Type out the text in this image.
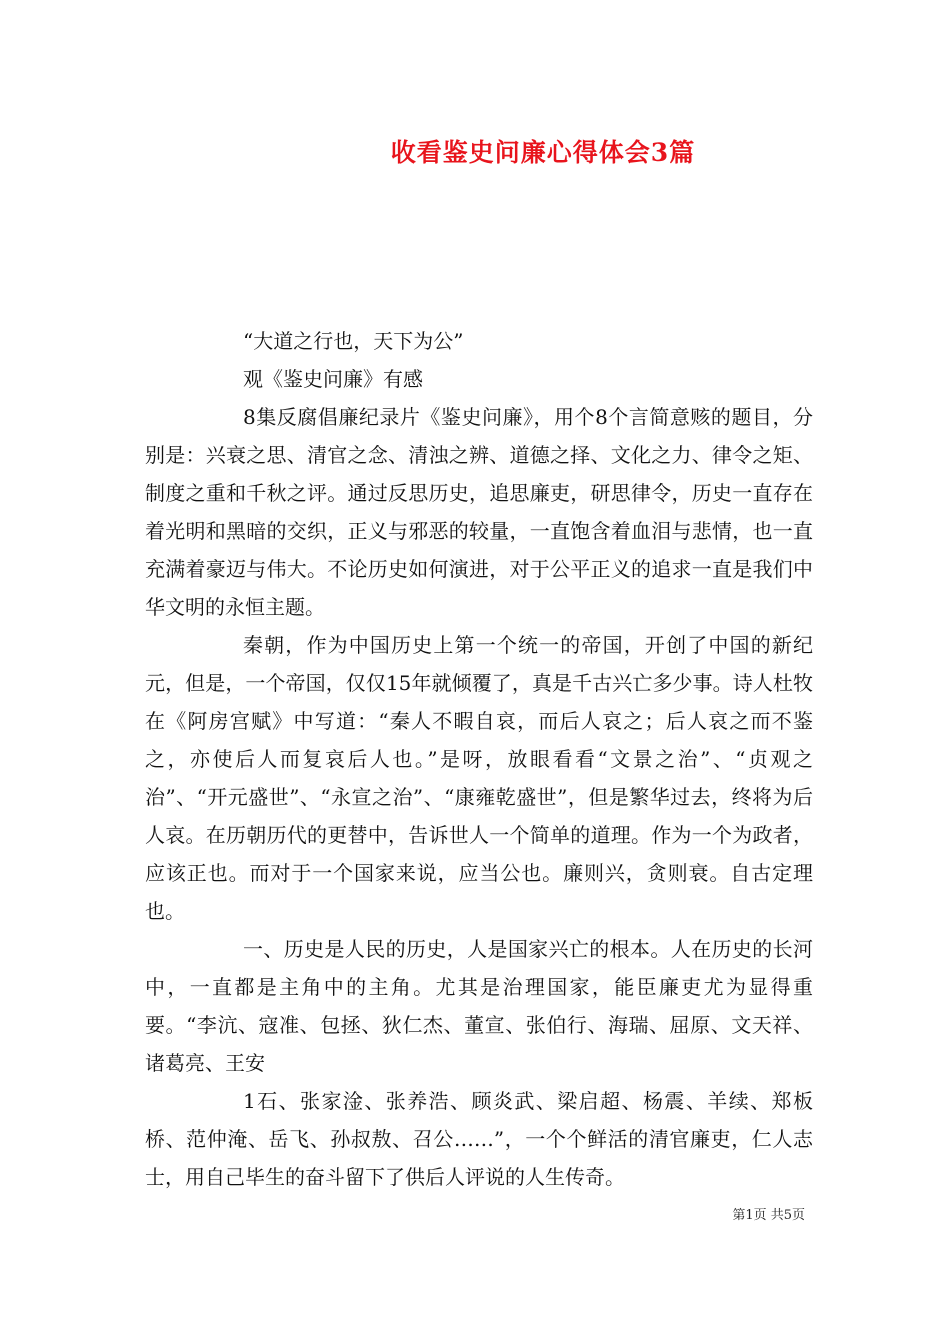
收看鉴史问廉心得体会3篇

“大道之行也，天下为公”

观《鉴史问廉》有感

8集反腐倡廉纪录片《鉴史问廉》，用个8个言简意赅的题目，分别是：兴衰之思、清官之念、清浊之辨、道德之择、文化之力、律令之矩、制度之重和千秋之评。通过反思历史，追思廉吏，研思律令，历史一直存在着光明和黑暗的交织，正义与邪恶的较量，一直饱含着血泪与悲情，也一直充满着豪迈与伟大。不论历史如何演进，对于公平正义的追求一直是我们中华文明的永恒主题。

秦朝，作为中国历史上第一个统一的帝国，开创了中国的新纪元，但是，一个帝国，仅仅15年就倾覆了，真是千古兴亡多少事。诗人杜牧在《阿房宫赋》中写道：“秦人不暇自哀，而后人哀之；后人哀之而不鉴之，亦使后人而复哀后人也。”是呀，放眼看看“文景之治”、“贞观之治”、“开元盛世”、“永宣之治”、“康雍乾盛世”，但是繁华过去，终将为后人哀。在历朝历代的更替中，告诉世人一个简单的道理。作为一个为政者，应该正也。而对于一个国家来说，应当公也。廉则兴，贪则衰。自古定理也。

一、历史是人民的历史，人是国家兴亡的根本。人在历史的长河中，一直都是主角中的主角。尤其是治理国家，能臣廉吏尤为显得重要。“李沆、寇准、包拯、狄仁杰、董宣、张伯行、海瑞、屈原、文天祥、诸葛亮、王安

1石、张家淦、张养浩、顾炎武、梁启超、杨震、羊续、郑板桥、范仲淹、岳飞、孙叔敖、召公……”，一个个鲜活的清官廉吏，仁人志士，用自己毕生的奋斗留下了供后人评说的人生传奇。

第1页 共5页
